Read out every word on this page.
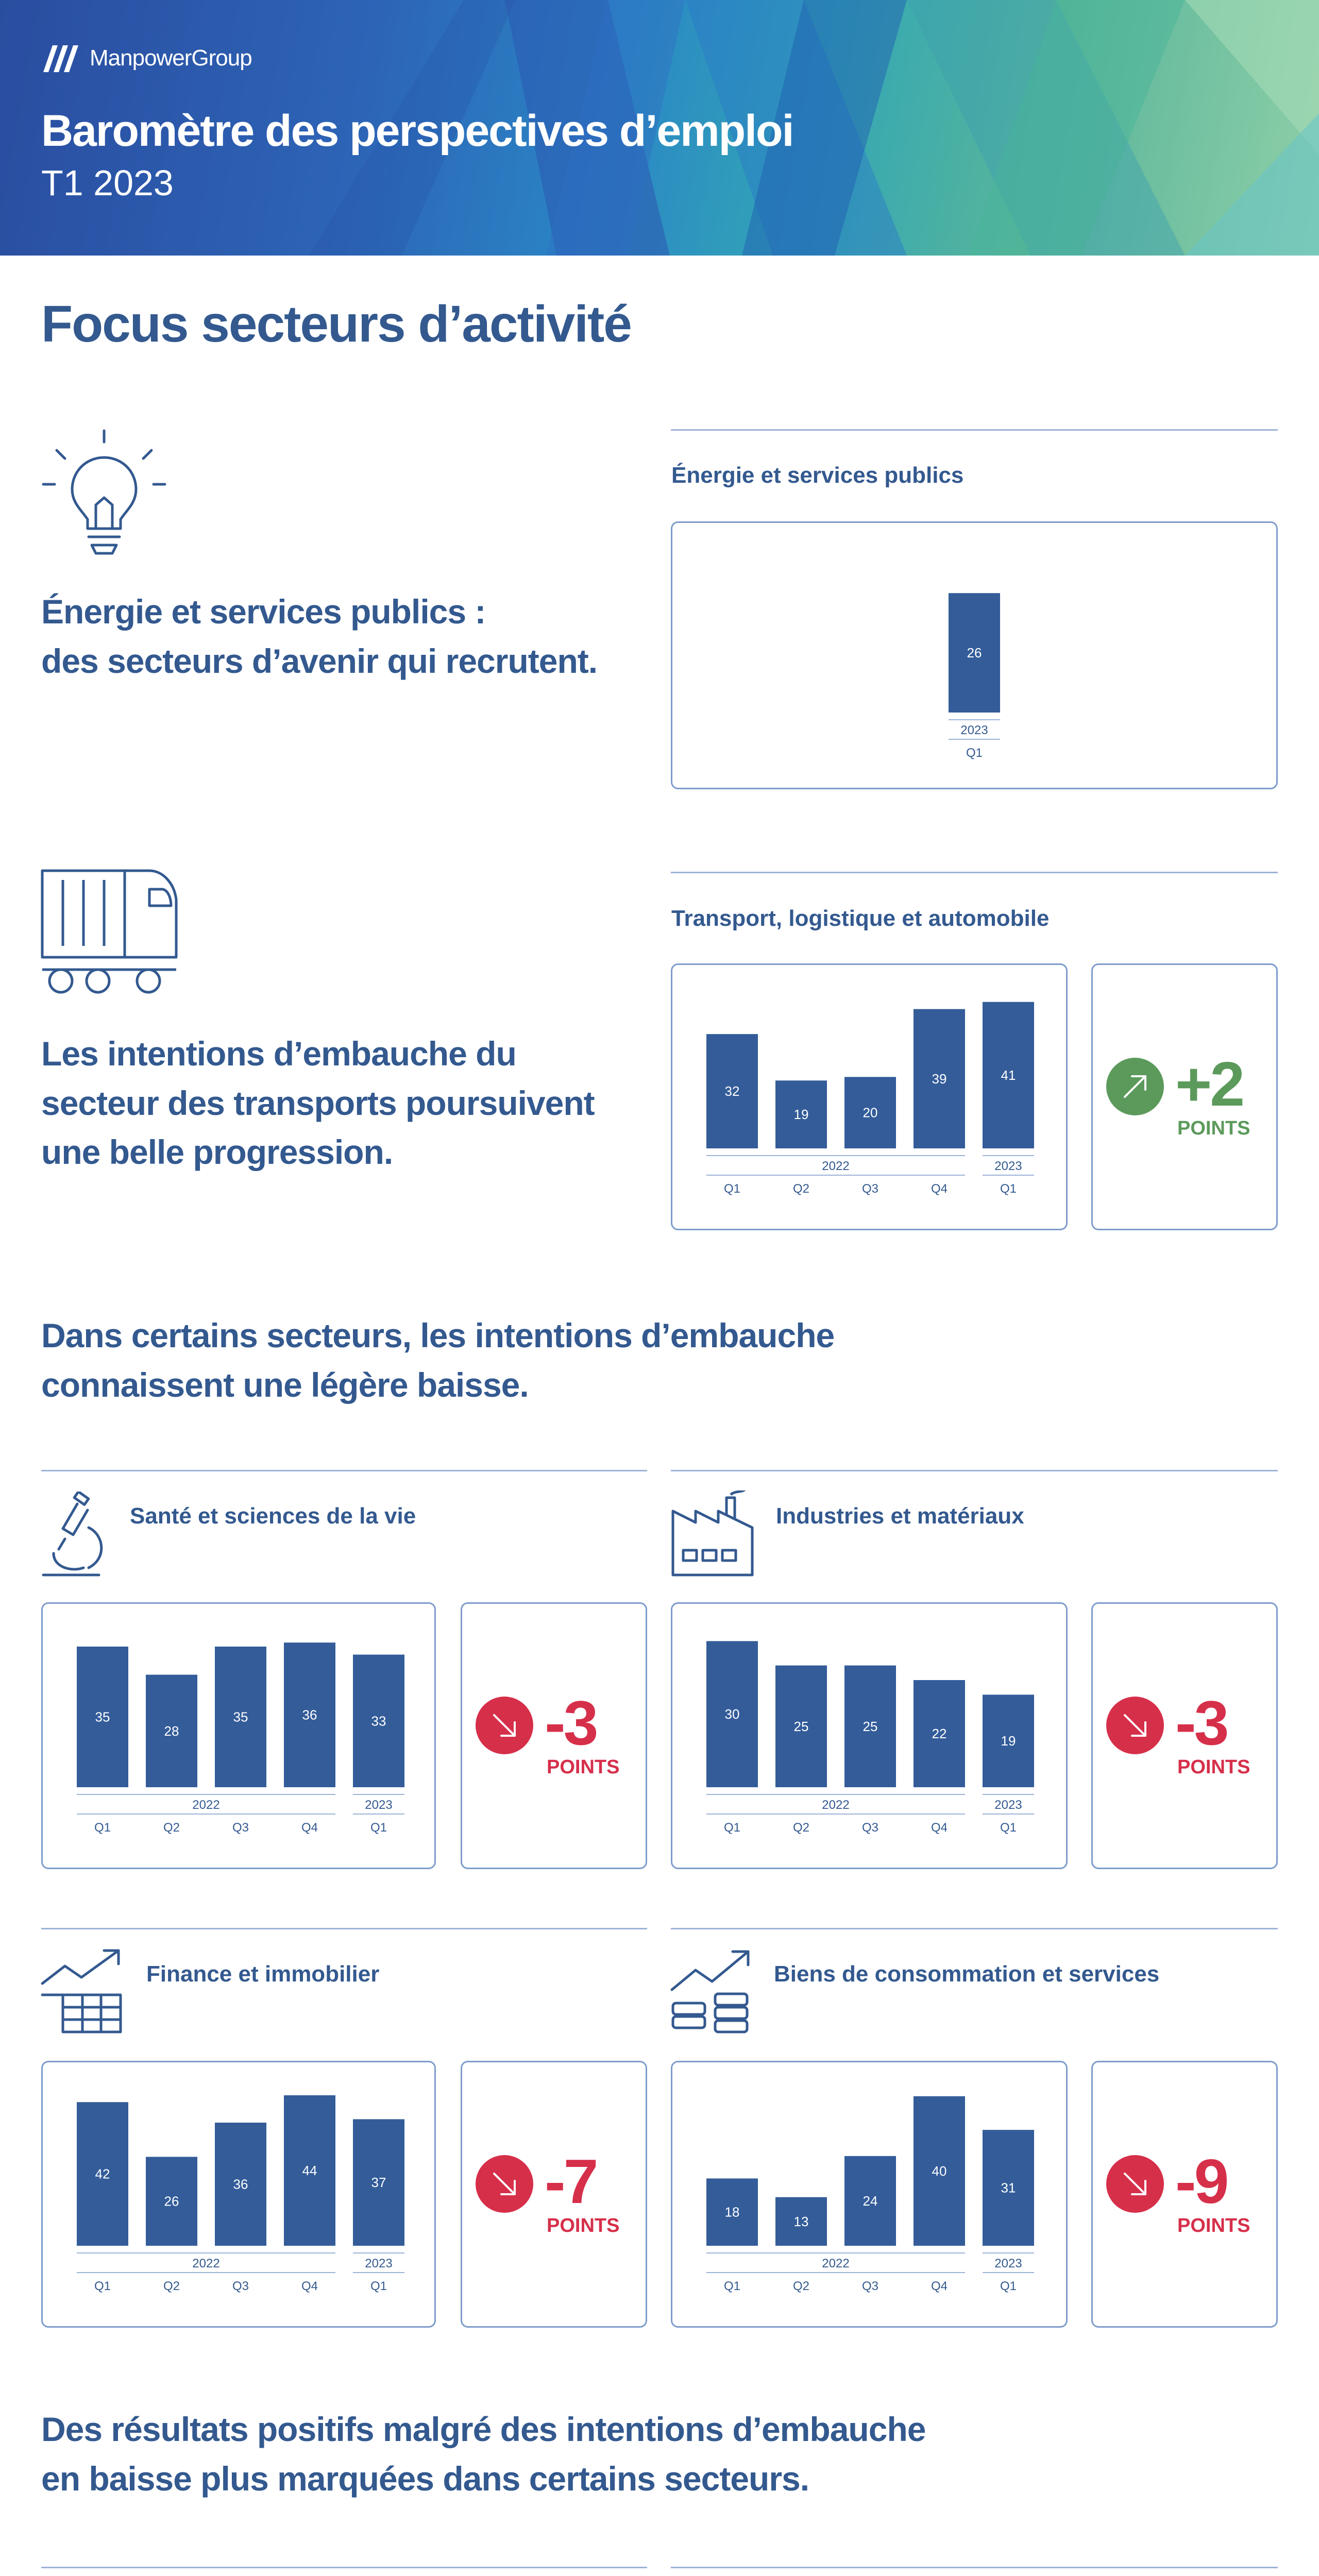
ManpowerGroup
Baromètre des perspectives d’emploi
T1 2023
Focus secteurs d’activité
Énergie et services publics :
des secteurs d’avenir qui recrutent.
Énergie et services publics
26
Q1
2023
Les intentions d’embauche du
secteur des transports poursuivent
une belle progression.
Transport, logistique et automobile
32
Q1
19
Q2
20
Q3
39
Q4
41
Q1
2022	2023
+2
POINTS
Dans certains secteurs, les intentions d’embauche
connaissent une légère baisse.
Santé et sciences de la vie
35
Q1
28
Q2
35
Q3
36
Q4
33
Q1
2022	2023
-3
POINTS
Industries et matériaux
30
Q1
25
Q2
25
Q3
22
Q4
19
Q1
2022	2023
-3
POINTS
Finance et immobilier
42
Q1
26
Q2
36
Q3
44
Q4
37
Q1
2022	2023
-7
POINTS
Biens de consommation et services
18
Q1
13
Q2
24
Q3
40
Q4
31
Q1
2022	2023
-9
POINTS
Des résultats positifs malgré des intentions d’embauche
en baisse plus marquées dans certains secteurs.
